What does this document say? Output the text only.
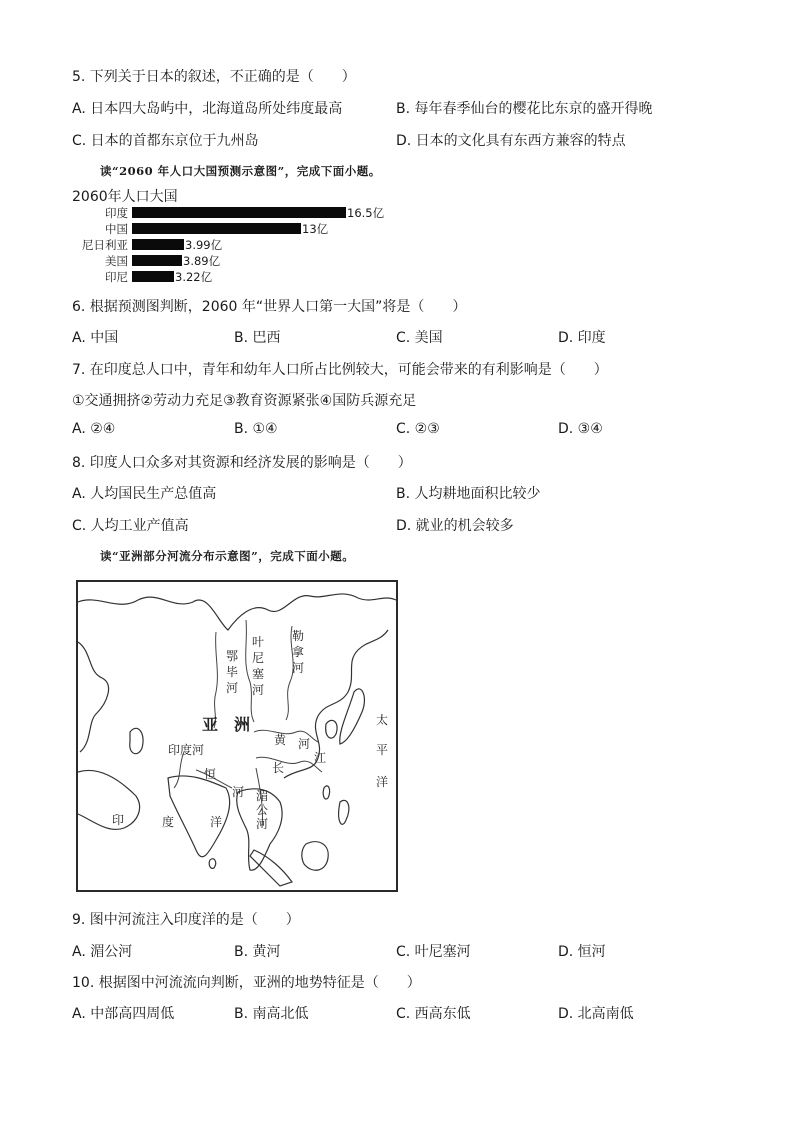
5. 下列关于日本的叙述，不正确的是（　　）
A. 日本四大岛屿中，北海道岛所处纬度最高	B. 每年春季仙台的樱花比东京的盛开得晚
C. 日本的首都东京位于九州岛	D. 日本的文化具有东西方兼容的特点
读“2060 年人口大国预测示意图”，完成下面小题。
2060年人口大国
印度	16.5亿
中国	13亿
尼日利亚	3.99亿
美国	3.89亿
印尼	3.22亿
6. 根据预测图判断，2060 年“世界人口第一大国”将是（　　）
A. 中国	B. 巴西	C. 美国	D. 印度
7. 在印度总人口中，青年和幼年人口所占比例较大，可能会带来的有利影响是（　　）
①交通拥挤②劳动力充足③教育资源紧张④国防兵源充足
A. ②④	B. ①④	C. ②③	D. ③④
8. 印度人口众多对其资源和经济发展的影响是（　　）
A. 人均国民生产总值高	B. 人均耕地面积比较少
C. 人均工业产值高	D. 就业的机会较多
读“亚洲部分河流分布示意图”，完成下面小题。
鄂
毕
河
叶
尼
塞
河
勒
拿
河
亚　洲
印度河
恒
河
黄 河
长
江
湄
公
河
太
平
洋
印	度	洋
9. 图中河流注入印度洋的是（　　）
A. 湄公河	B. 黄河	C. 叶尼塞河	D. 恒河
10. 根据图中河流流向判断，亚洲的地势特征是（　　）
A. 中部高四周低	B. 南高北低	C. 西高东低	D. 北高南低
